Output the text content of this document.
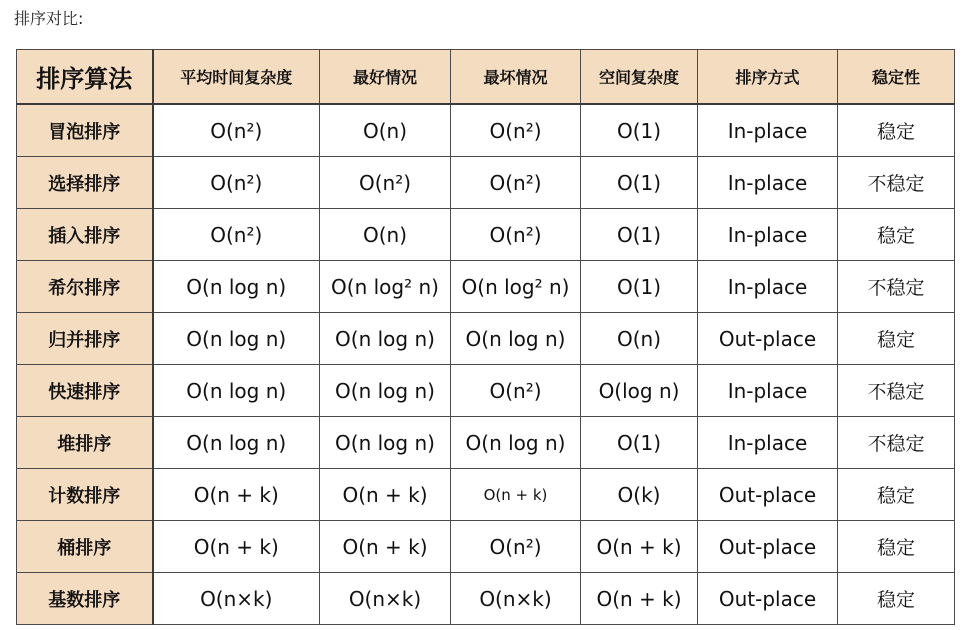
排序对比:
排序算法	平均时间复杂度	最好情况	最坏情况	空间复杂度	排序方式	稳定性
冒泡排序	O(n²)	O(n)	O(n²)	O(1)	In-place	稳定
选择排序	O(n²)	O(n²)	O(n²)	O(1)	In-place	不稳定
插入排序	O(n²)	O(n)	O(n²)	O(1)	In-place	稳定
希尔排序	O(n log n)	O(n log² n)	O(n log² n)	O(1)	In-place	不稳定
归并排序	O(n log n)	O(n log n)	O(n log n)	O(n)	Out-place	稳定
快速排序	O(n log n)	O(n log n)	O(n²)	O(log n)	In-place	不稳定
堆排序	O(n log n)	O(n log n)	O(n log n)	O(1)	In-place	不稳定
计数排序	O(n + k)	O(n + k)	O(n + k)	O(k)	Out-place	稳定
桶排序	O(n + k)	O(n + k)	O(n²)	O(n + k)	Out-place	稳定
基数排序	O(n×k)	O(n×k)	O(n×k)	O(n + k)	Out-place	稳定
